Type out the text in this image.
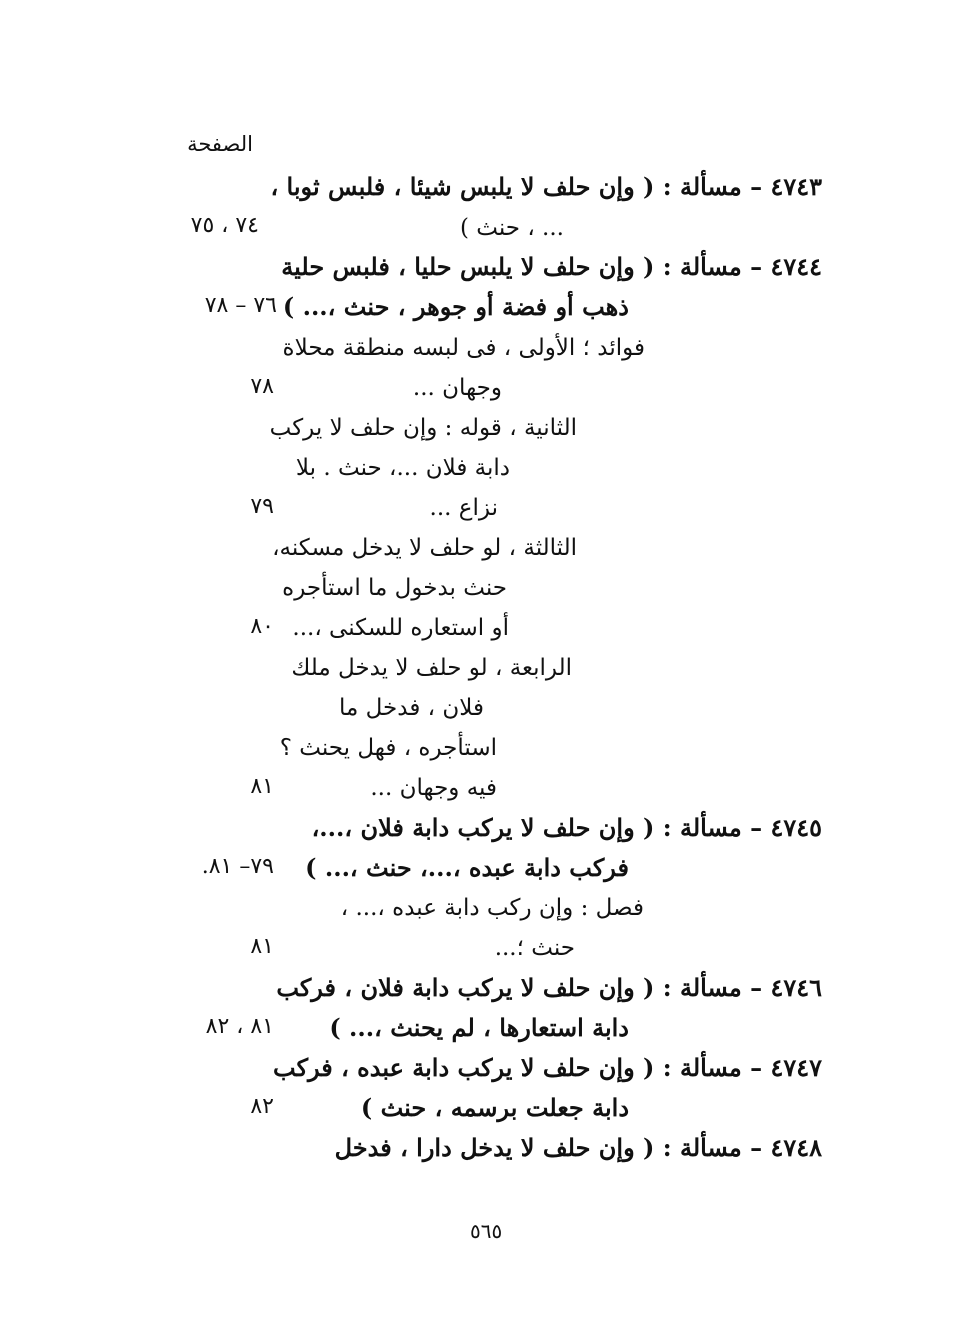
الصفحة
٤٧٤٣ – مسألة : ( وإن حلف لا يلبس شيئا ، فلبس ثوبا ،
... ، حنث )
٧٤ ، ٧٥
٤٧٤٤ – مسألة : ( وإن حلف لا يلبس حليا ، فلبس حلية
ذهب أو فضة أو جوهر ، حنث ،... )
٧٦ – ٧٨
فوائد ؛ الأولى ، فى لبسه منطقة محلاة
وجهان ...
٧٨
الثانية ، قوله : وإن حلف لا يركب
دابة فلان ...، حنث . بلا
نزاع ...
٧٩
الثالثة ، لو حلف لا يدخل مسكنه،
حنث بدخول ما استأجره
أو استعاره للسكنى ،...
٨٠
الرابعة ، لو حلف لا يدخل ملك
فلان ، فدخل ما
استأجره ، فهل يحنث ؟
فيه وجهان ...
٨١
٤٧٤٥ – مسألة : ( وإن حلف لا يركب دابة فلان ،...،
فركب دابة عبده ،...، حنث ،... )
٧٩– ٨١.
فصل : وإن ركب دابة عبده ،... ،
حنث ؛...
٨١
٤٧٤٦ – مسألة : ( وإن حلف لا يركب دابة فلان ، فركب
دابة استعارها ، لم يحنث ،... )
٨١ ، ٨٢
٤٧٤٧ – مسألة : ( وإن حلف لا يركب دابة عبده ، فركب
دابة جعلت برسمه ، حنث )
٨٢
٤٧٤٨ – مسألة : ( وإن حلف لا يدخل دارا ، فدخل
٥٦٥
